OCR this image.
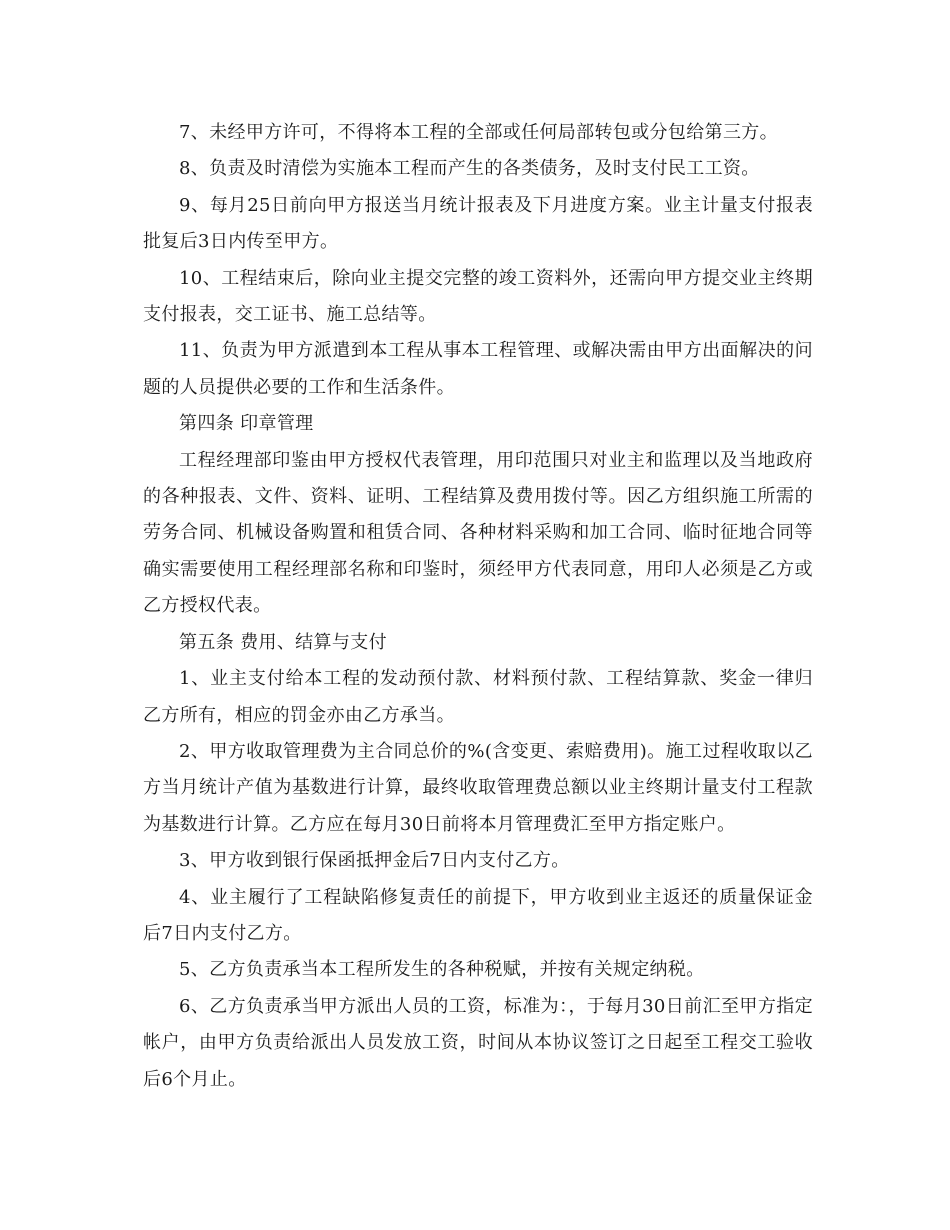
7、未经甲方许可，不得将本工程的全部或任何局部转包或分包给第三方。

8、负责及时清偿为实施本工程而产生的各类债务，及时支付民工工资。

9、每月25日前向甲方报送当月统计报表及下月进度方案。业主计量支付报表批复后3日内传至甲方。

10、工程结束后，除向业主提交完整的竣工资料外，还需向甲方提交业主终期支付报表，交工证书、施工总结等。

11、负责为甲方派遣到本工程从事本工程管理、或解决需由甲方出面解决的问题的人员提供必要的工作和生活条件。

第四条 印章管理

工程经理部印鉴由甲方授权代表管理，用印范围只对业主和监理以及当地政府的各种报表、文件、资料、证明、工程结算及费用拨付等。因乙方组织施工所需的劳务合同、机械设备购置和租赁合同、各种材料采购和加工合同、临时征地合同等确实需要使用工程经理部名称和印鉴时，须经甲方代表同意，用印人必须是乙方或乙方授权代表。

第五条 费用、结算与支付

1、业主支付给本工程的发动预付款、材料预付款、工程结算款、奖金一律归乙方所有，相应的罚金亦由乙方承当。

2、甲方收取管理费为主合同总价的%(含变更、索赔费用)。施工过程收取以乙方当月统计产值为基数进行计算，最终收取管理费总额以业主终期计量支付工程款为基数进行计算。乙方应在每月30日前将本月管理费汇至甲方指定账户。

3、甲方收到银行保函抵押金后7日内支付乙方。

4、业主履行了工程缺陷修复责任的前提下，甲方收到业主返还的质量保证金后7日内支付乙方。

5、乙方负责承当本工程所发生的各种税赋，并按有关规定纳税。

6、乙方负责承当甲方派出人员的工资，标准为：，于每月30日前汇至甲方指定帐户，由甲方负责给派出人员发放工资，时间从本协议签订之日起至工程交工验收后6个月止。
